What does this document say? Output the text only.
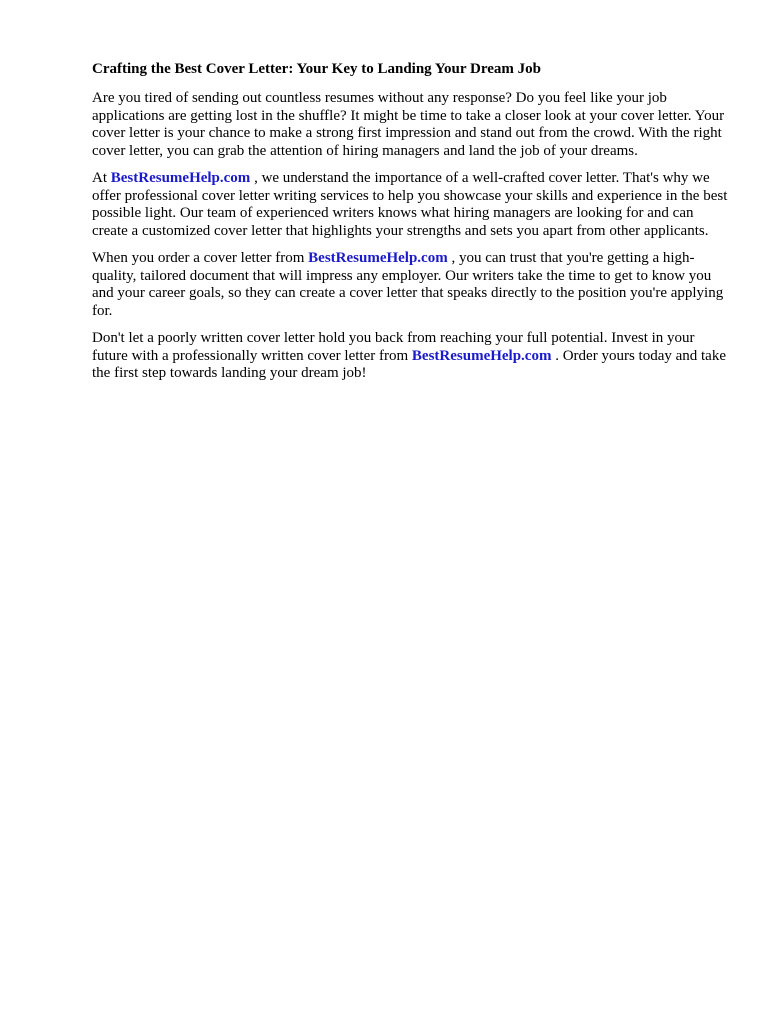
Crafting the Best Cover Letter: Your Key to Landing Your Dream Job

Are you tired of sending out countless resumes without any response? Do you feel like your job applications are getting lost in the shuffle? It might be time to take a closer look at your cover letter. Your cover letter is your chance to make a strong first impression and stand out from the crowd. With the right cover letter, you can grab the attention of hiring managers and land the job of your dreams.

At BestResumeHelp.com , we understand the importance of a well-crafted cover letter. That's why we offer professional cover letter writing services to help you showcase your skills and experience in the best possible light. Our team of experienced writers knows what hiring managers are looking for and can create a customized cover letter that highlights your strengths and sets you apart from other applicants.

When you order a cover letter from BestResumeHelp.com , you can trust that you're getting a high-quality, tailored document that will impress any employer. Our writers take the time to get to know you and your career goals, so they can create a cover letter that speaks directly to the position you're applying for.

Don't let a poorly written cover letter hold you back from reaching your full potential. Invest in your future with a professionally written cover letter from BestResumeHelp.com . Order yours today and take the first step towards landing your dream job!
